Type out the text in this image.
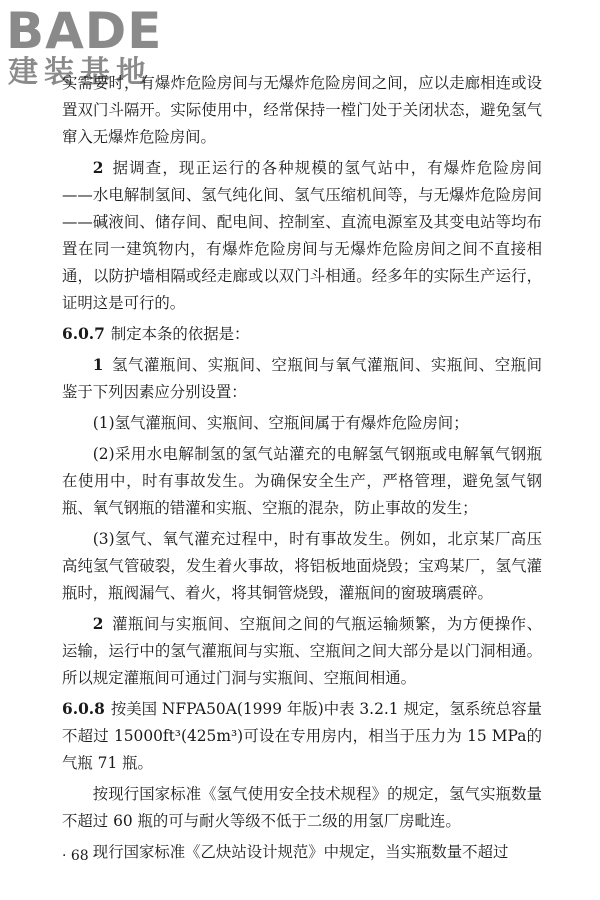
BADE
建装基地

实需要时，有爆炸危险房间与无爆炸危险房间之间，应以走廊相连或设置双门斗隔开。实际使用中，经常保持一樘门处于关闭状态，避免氢气窜入无爆炸危险房间。

2 据调查，现正运行的各种规模的氢气站中，有爆炸危险房间——水电解制氢间、氢气纯化间、氢气压缩机间等，与无爆炸危险房间——碱液间、储存间、配电间、控制室、直流电源室及其变电站等均布置在同一建筑物内，有爆炸危险房间与无爆炸危险房间之间不直接相通，以防护墙相隔或经走廊或以双门斗相通。经多年的实际生产运行，证明这是可行的。

6.0.7 制定本条的依据是：

1 氢气灌瓶间、实瓶间、空瓶间与氧气灌瓶间、实瓶间、空瓶间鉴于下列因素应分别设置：

(1)氢气灌瓶间、实瓶间、空瓶间属于有爆炸危险房间；

(2)采用水电解制氢的氢气站灌充的电解氢气钢瓶或电解氧气钢瓶在使用中，时有事故发生。为确保安全生产，严格管理，避免氢气钢瓶、氧气钢瓶的错灌和实瓶、空瓶的混杂，防止事故的发生；

(3)氢气、氧气灌充过程中，时有事故发生。例如，北京某厂高压高纯氢气管破裂，发生着火事故，将铝板地面烧毁；宝鸡某厂，氢气灌瓶时，瓶阀漏气、着火，将其铜管烧毁，灌瓶间的窗玻璃震碎。

2 灌瓶间与实瓶间、空瓶间之间的气瓶运输频繁，为方便操作、运输，运行中的氢气灌瓶间与实瓶、空瓶间之间大部分是以门洞相通。所以规定灌瓶间可通过门洞与实瓶间、空瓶间相通。

6.0.8 按美国 NFPA50A(1999 年版)中表 3.2.1 规定，氢系统总容量不超过 15000ft³(425m³)可设在专用房内，相当于压力为 15 MPa的气瓶 71 瓶。

按现行国家标准《氢气使用安全技术规程》的规定，氢气实瓶数量不超过 60 瓶的可与耐火等级不低于二级的用氢厂房毗连。

现行国家标准《乙炔站设计规范》中规定，当实瓶数量不超过

· 68 ·
